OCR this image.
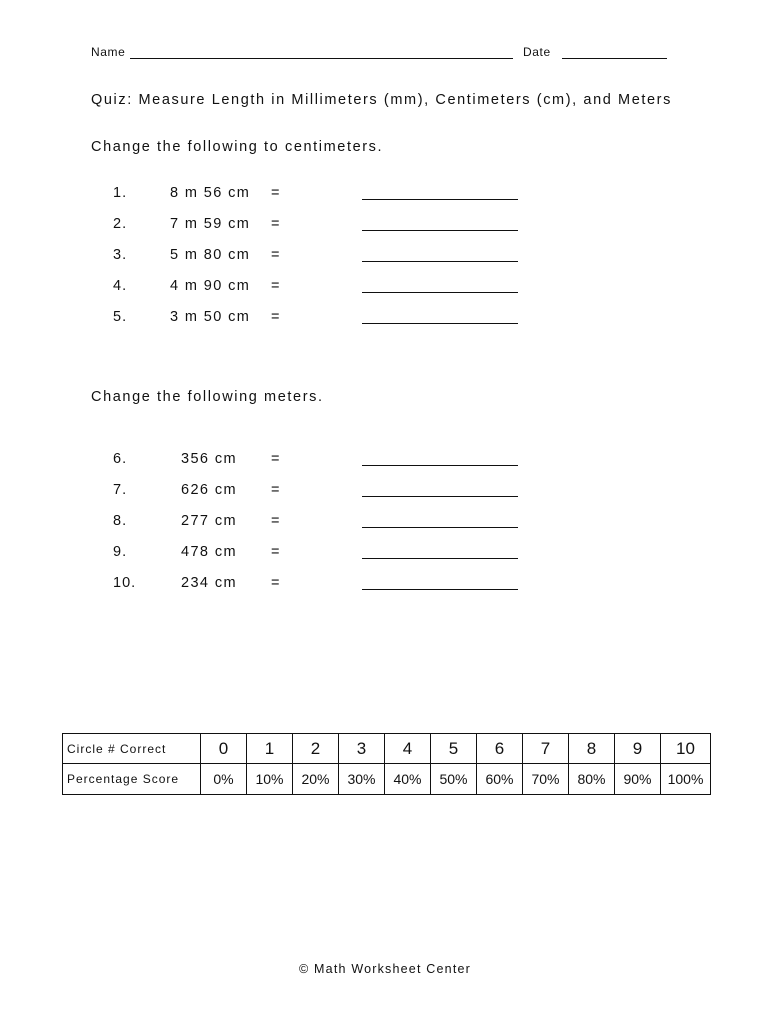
Name	Date
Quiz: Measure Length in Millimeters (mm), Centimeters (cm), and Meters
Change the following to centimeters.
1.	8 m 56 cm =
2.	7 m 59 cm =
3.	5 m 80 cm =
4.	4 m 90 cm =
5.	3 m 50 cm =
Change the following meters.
6.	356 cm =
7.	626 cm =
8.	277 cm =
9.	478 cm =
10.	234 cm =
Circle # Correct	0	1	2	3	4	5	6	7	8	9	10
Percentage Score	0%	10%	20%	30%	40%	50%	60%	70%	80%	90%	100%
© Math Worksheet Center
